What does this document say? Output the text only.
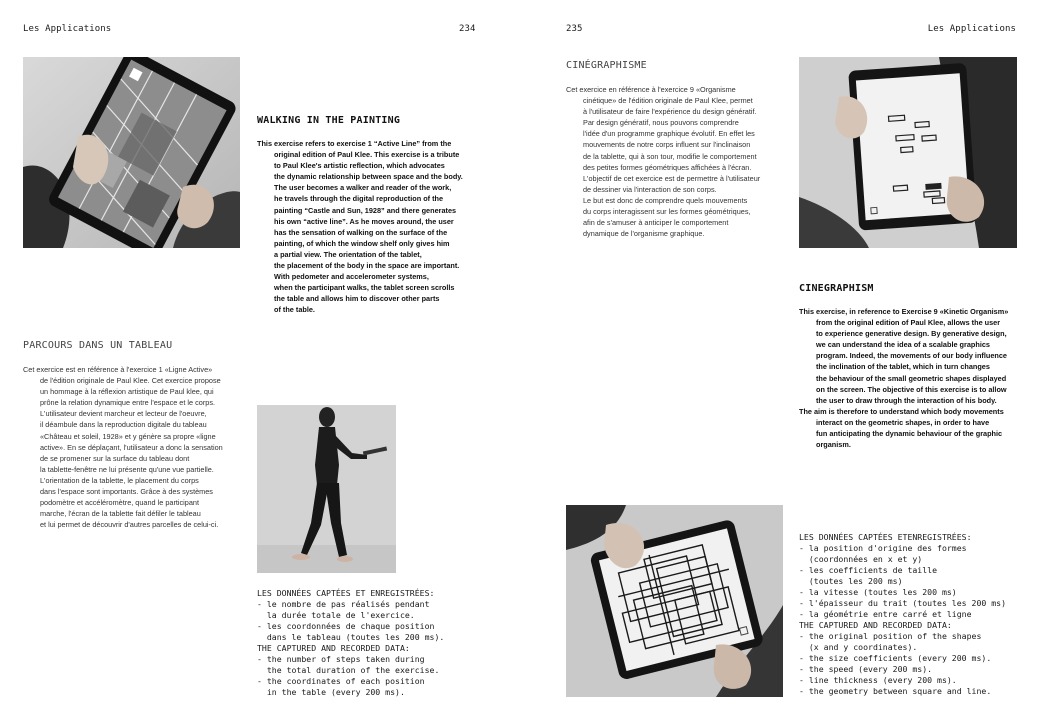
Les Applications	234	235	Les Applications
WALKING IN THE PAINTING
This exercise refers to exercise 1 “Active Line” from the
original edition of Paul Klee. This exercise is a tribute
to Paul Klee's artistic reflection, which advocates
the dynamic relationship between space and the body.
The user becomes a walker and reader of the work,
he travels through the digital reproduction of the
painting “Castle and Sun, 1928” and there generates
his own “active line”. As he moves around, the user
has the sensation of walking on the surface of the
painting, of which the window shelf only gives him
a partial view. The orientation of the tablet,
the placement of the body in the space are important.
With pedometer and accelerometer systems,
when the participant walks, the tablet screen scrolls
the table and allows him to discover other parts
of the table.
PARCOURS DANS UN TABLEAU
Cet exercice est en référence à l'exercice 1 «Ligne Active»
de l'édition originale de Paul Klee. Cet exercice propose
un hommage à la réflexion artistique de Paul klee, qui
prône la relation dynamique entre l'espace et le corps.
L'utilisateur devient marcheur et lecteur de l'oeuvre,
il déambule dans la reproduction digitale du tableau
«Château et soleil, 1928» et y génère sa propre «ligne
active». En se déplaçant, l'utilisateur a donc la sensation
de se promener sur la surface du tableau dont
la tablette-fenêtre ne lui présente qu'une vue partielle.
L'orientation de la tablette, le placement du corps
dans l'espace sont importants. Grâce à des systèmes
podomètre et accéléromètre, quand le participant
marche, l'écran de la tablette fait défiler le tableau
et lui permet de découvrir d'autres parcelles de celui-ci.
LES DONNÉES CAPTÉES ET ENREGISTRÉES:
- le nombre de pas réalisés pendant
la durée totale de l'exercice.
- les coordonnées de chaque position
dans le tableau (toutes les 200 ms).
THE CAPTURED AND RECORDED DATA:
- the number of steps taken during
the total duration of the exercise.
- the coordinates of each position
in the table (every 200 ms).
CINÉGRAPHISME
Cet exercice en référence à l'exercice 9 «Organisme
cinétique» de l'édition originale de Paul Klee, permet
à l'utilisateur de faire l'expérience du design génératif.
Par design génératif, nous pouvons comprendre
l'idée d'un programme graphique évolutif. En effet les
mouvements de notre corps influent sur l'inclinaison
de la tablette, qui à son tour, modifie le comportement
des petites formes géométriques affichées à l'écran.
L'objectif de cet exercice est de permettre à l'utilisateur
de dessiner via l'interaction de son corps.
Le but est donc de comprendre quels mouvements
du corps interagissent sur les formes géométriques,
afin de s'amuser à anticiper le comportement
dynamique de l'organisme graphique.
CINEGRAPHISM
This exercise, in reference to Exercise 9 «Kinetic Organism»
from the original edition of Paul Klee, allows the user
to experience generative design. By generative design,
we can understand the idea of a scalable graphics
program. Indeed, the movements of our body influence
the inclination of the tablet, which in turn changes
the behaviour of the small geometric shapes displayed
on the screen. The objective of this exercise is to allow
the user to draw through the interaction of his body.
The aim is therefore to understand which body movements
interact on the geometric shapes, in order to have
fun anticipating the dynamic behaviour of the graphic
organism.
LES DONNÉES CAPTÉES ETENREGISTRÉES:
- la position d'origine des formes
(coordonnées en x et y)
- les coefficients de taille
(toutes les 200 ms)
- la vitesse (toutes les 200 ms)
- l'épaisseur du trait (toutes les 200 ms)
- la géométrie entre carré et ligne
THE CAPTURED AND RECORDED DATA:
- the original position of the shapes
(x and y coordinates).
- the size coefficients (every 200 ms).
- the speed (every 200 ms).
- line thickness (every 200 ms).
- the geometry between square and line.
